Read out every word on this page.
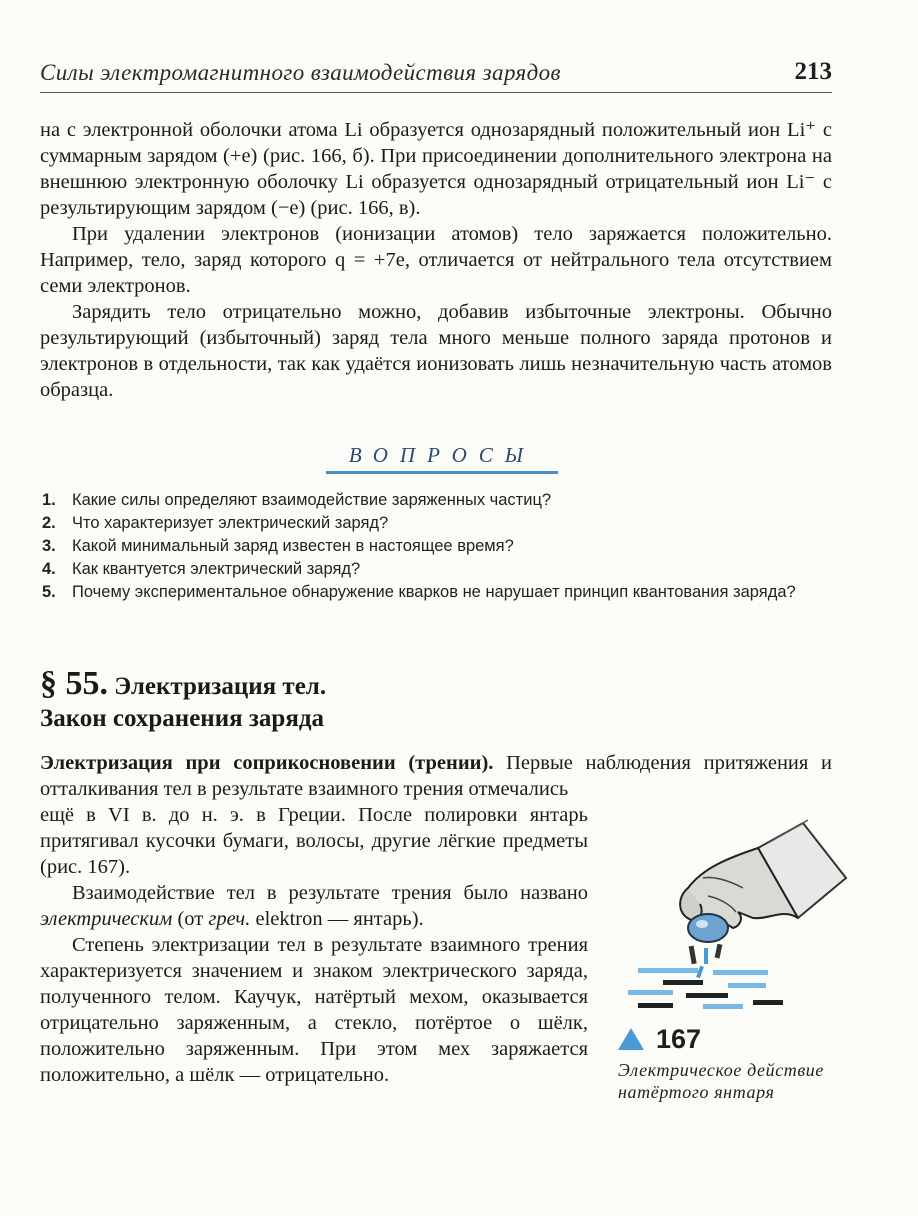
Силы электромагнитного взаимодействия зарядов	213

на с электронной оболочки атома Li образуется однозарядный положительный ион Li⁺ с суммарным зарядом (+e) (рис. 166, б). При присоединении дополнительного электрона на внешнюю электронную оболочку Li образуется однозарядный отрицательный ион Li⁻ с результирующим зарядом (−e) (рис. 166, в).

При удалении электронов (ионизации атомов) тело заряжается положительно. Например, тело, заряд которого q = +7e, отличается от нейтрального тела отсутствием семи электронов.

Зарядить тело отрицательно можно, добавив избыточные электроны. Обычно результирующий (избыточный) заряд тела много меньше полного заряда протонов и электронов в отдельности, так как удаётся ионизовать лишь незначительную часть атомов образца.

ВОПРОСЫ
1. Какие силы определяют взаимодействие заряженных частиц?
2. Что характеризует электрический заряд?
3. Какой минимальный заряд известен в настоящее время?
4. Как квантуется электрический заряд?
5. Почему экспериментальное обнаружение кварков не нарушает принцип квантования заряда?
§ 55. Электризация тел.
Закон сохранения заряда
Электризация при соприкосновении (трении). Первые наблюдения притяжения и отталкивания тел в результате взаимного трения отмечались

ещё в VI в. до н. э. в Греции. После полировки янтарь притягивал кусочки бумаги, волосы, другие лёгкие предметы (рис. 167).

Взаимодействие тел в результате трения было названо электрическим (от греч. elektron — янтарь).

Степень электризации тел в результате взаимного трения характеризуется значением и знаком электрического заряда, полученного телом. Каучук, натёртый мехом, оказывается отрицательно заряженным, а стекло, потёртое о шёлк, положительно заряженным. При этом мех заряжается положительно, а шёлк — отрицательно.

167
Электрическое действие натёртого янтаря
